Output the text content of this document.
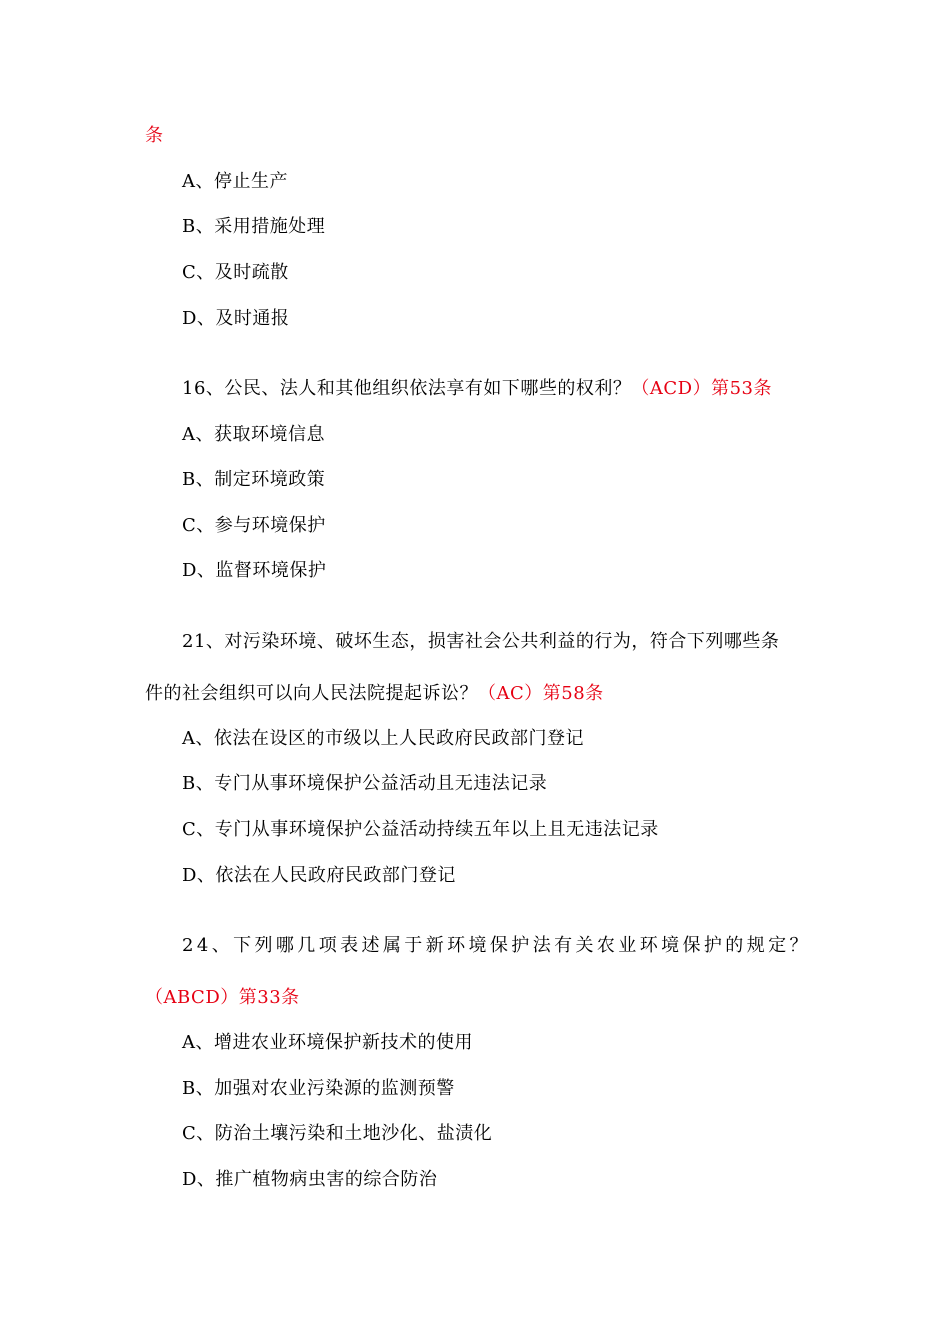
条
A、停止生产
B、采用措施处理
C、及时疏散
D、及时通报
16、公民、法人和其他组织依法享有如下哪些的权利？（ACD）第53条
A、获取环境信息
B、制定环境政策
C、参与环境保护
D、监督环境保护
21、对污染环境、破坏生态，损害社会公共利益的行为，符合下列哪些条
件的社会组织可以向人民法院提起诉讼？（AC）第58条
A、依法在设区的市级以上人民政府民政部门登记
B、专门从事环境保护公益活动且无违法记录
C、专门从事环境保护公益活动持续五年以上且无违法记录
D、依法在人民政府民政部门登记
24、下列哪几项表述属于新环境保护法有关农业环境保护的规定？
（ABCD）第33条
A、增进农业环境保护新技术的使用
B、加强对农业污染源的监测预警
C、防治土壤污染和土地沙化、盐渍化
D、推广植物病虫害的综合防治
